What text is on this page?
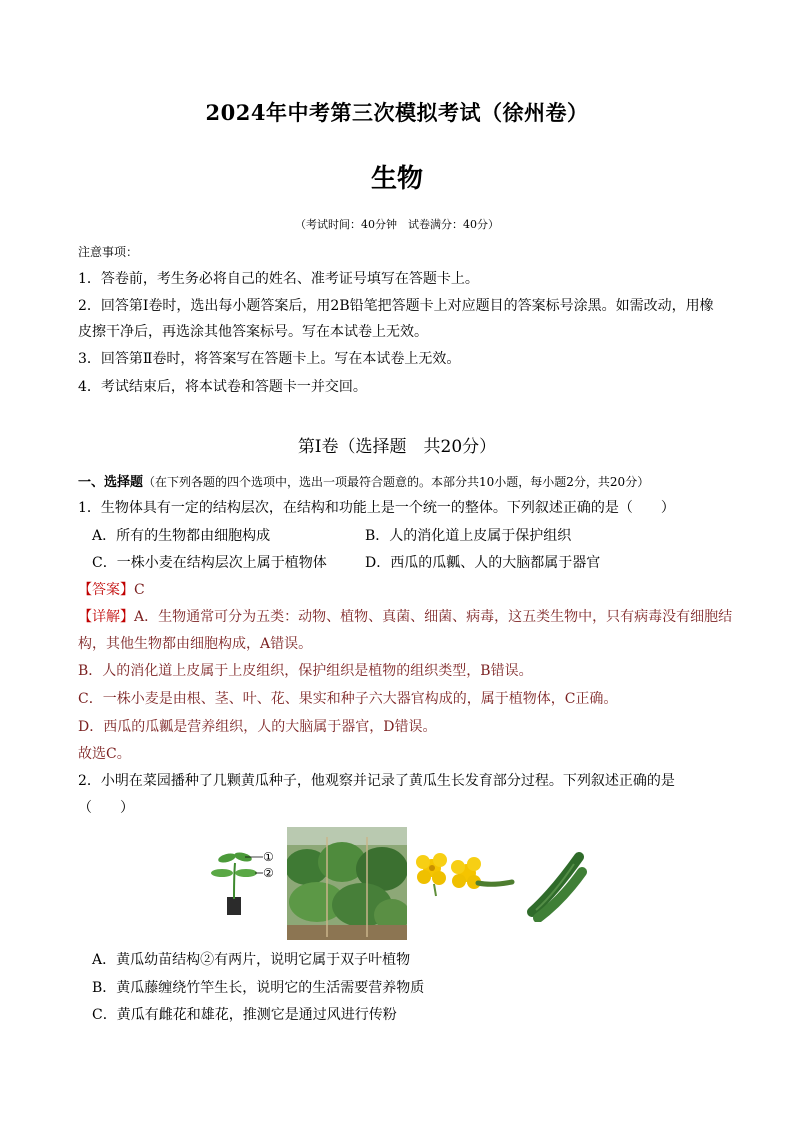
2024年中考第三次模拟考试（徐州卷）
生物
（考试时间：40分钟　试卷满分：40分）
注意事项：
1．答卷前，考生务必将自己的姓名、准考证号填写在答题卡上。
2．回答第Ⅰ卷时，选出每小题答案后，用2B铅笔把答题卡上对应题目的答案标号涂黑。如需改动，用橡
皮擦干净后，再选涂其他答案标号。写在本试卷上无效。
3．回答第Ⅱ卷时，将答案写在答题卡上。写在本试卷上无效。
4．考试结束后，将本试卷和答题卡一并交回。
第Ⅰ卷（选择题　共20分）
一、选择题（在下列各题的四个选项中，选出一项最符合题意的。本部分共10小题，每小题2分，共20分）
1．生物体具有一定的结构层次，在结构和功能上是一个统一的整体。下列叙述正确的是（　　）
A．所有的生物都由细胞构成	B．人的消化道上皮属于保护组织
C．一株小麦在结构层次上属于植物体	D．西瓜的瓜瓤、人的大脑都属于器官
【答案】C
【详解】A．生物通常可分为五类：动物、植物、真菌、细菌、病毒，这五类生物中，只有病毒没有细胞结
构，其他生物都由细胞构成，A错误。
B．人的消化道上皮属于上皮组织，保护组织是植物的组织类型，B错误。
C．一株小麦是由根、茎、叶、花、果实和种子六大器官构成的，属于植物体，C正确。
D．西瓜的瓜瓤是营养组织，人的大脑属于器官，D错误。
故选C。
2．小明在菜园播种了几颗黄瓜种子，他观察并记录了黄瓜生长发育部分过程。下列叙述正确的是
（　　）
①
②
A．黄瓜幼苗结构②有两片，说明它属于双子叶植物
B．黄瓜藤缠绕竹竿生长，说明它的生活需要营养物质
C．黄瓜有雌花和雄花，推测它是通过风进行传粉
